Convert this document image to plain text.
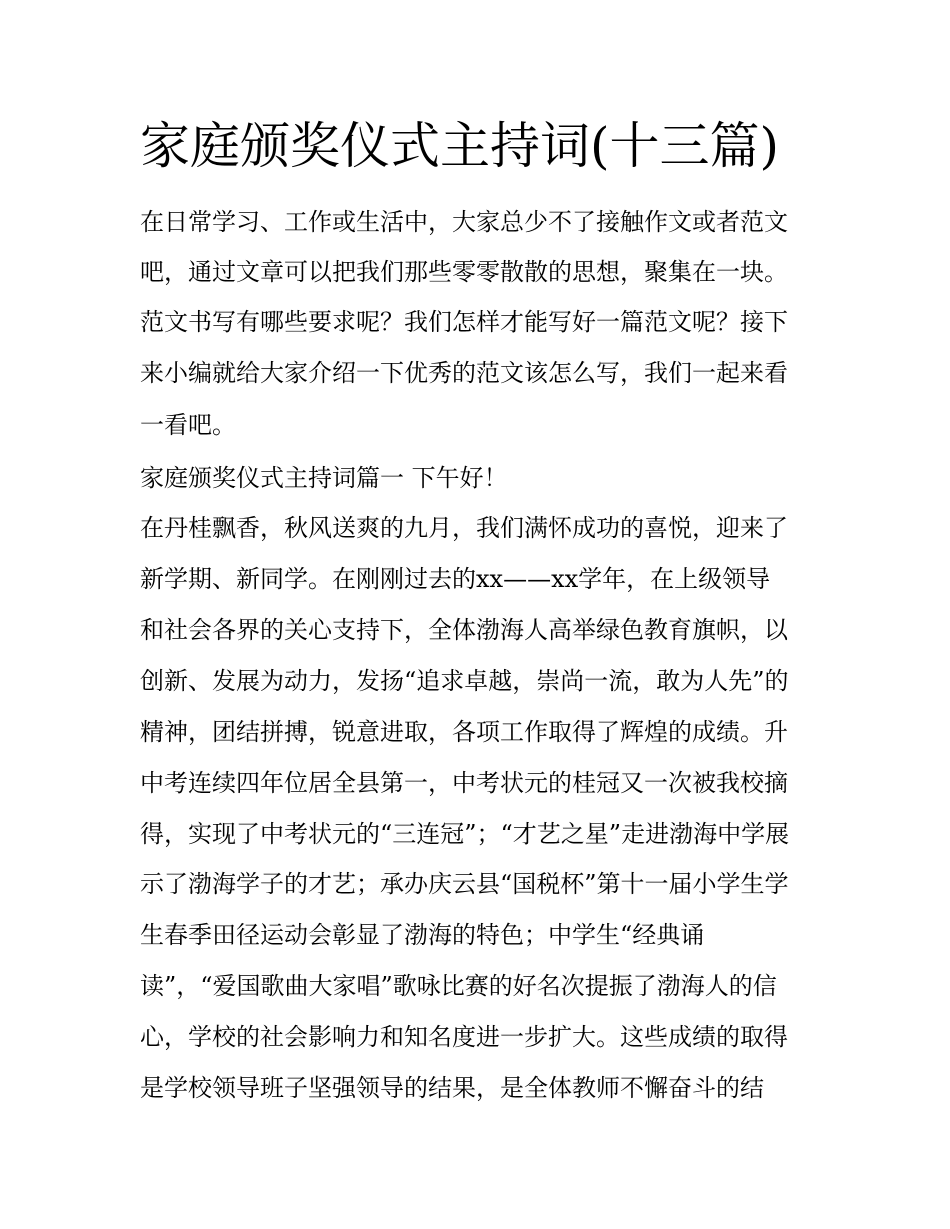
家庭颁奖仪式主持词(十三篇)

在日常学习、工作或生活中，大家总少不了接触作文或者范文

吧，通过文章可以把我们那些零零散散的思想，聚集在一块。

范文书写有哪些要求呢？我们怎样才能写好一篇范文呢？接下

来小编就给大家介绍一下优秀的范文该怎么写，我们一起来看

一看吧。

家庭颁奖仪式主持词篇一 下午好！

在丹桂飘香，秋风送爽的九月，我们满怀成功的喜悦，迎来了

新学期、新同学。在刚刚过去的xx——xx学年，在上级领导

和社会各界的关心支持下，全体渤海人高举绿色教育旗帜，以

创新、发展为动力，发扬“追求卓越，崇尚一流，敢为人先”的

精神，团结拼搏，锐意进取，各项工作取得了辉煌的成绩。升

中考连续四年位居全县第一，中考状元的桂冠又一次被我校摘

得，实现了中考状元的“三连冠”；“才艺之星”走进渤海中学展

示了渤海学子的才艺；承办庆云县“国税杯”第十一届小学生学

生春季田径运动会彰显了渤海的特色；中学生“经典诵

读”，“爱国歌曲大家唱”歌咏比赛的好名次提振了渤海人的信

心，学校的社会影响力和知名度进一步扩大。这些成绩的取得

是学校领导班子坚强领导的结果，是全体教师不懈奋斗的结
